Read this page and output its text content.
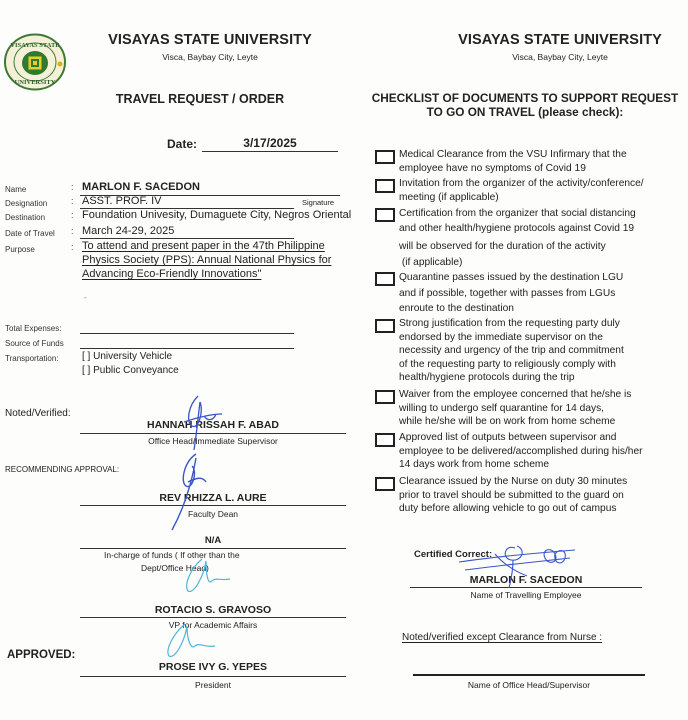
VISAYAS STATE
UNIVERSITY
VISAYAS STATE UNIVERSITY
Visca, Baybay City, Leyte
TRAVEL REQUEST / ORDER
Date:	3/17/2025
Name	: MARLON F. SACEDON
Designation	: ASST. PROF. IV	Signature
Destination	: Foundation Univesity, Dumaguete City, Negros Oriental
Date of Travel : March 24-29, 2025
Purpose	: To attend and present paper in the 47th Philippine
Physics Society (PPS): Annual National Physics for
Advancing Eco-Friendly Innovations"
-
Total Expenses:
Source of Funds
Transportation: [ ] University Vehicle
[ ] Public Conveyance
Noted/Verified:
HANNAH RISSAH F. ABAD
Office Head/Immediate Supervisor
RECOMMENDING APPROVAL:
REV RHIZZA L. AURE
Faculty Dean
N/A
In-charge of funds ( If other than the
Dept/Office Head)
ROTACIO S. GRAVOSO
VP for Academic Affairs
APPROVED:
PROSE IVY G. YEPES
President
VISAYAS STATE UNIVERSITY
Visca, Baybay City, Leyte
CHECKLIST OF DOCUMENTS TO SUPPORT REQUEST
TO GO ON TRAVEL (please check):
Medical Clearance from the VSU Infirmary that the
employee have no symptoms of Covid 19
Invitation from the organizer of the activity/conference/
meeting (if applicable)
Certification from the organizer that social distancing
and other health/hygiene protocols against Covid 19
will be observed for the duration of the activity
(if applicable)
Quarantine passes issued by the destination LGU
and if possible, together with passes from LGUs
enroute to the destination
Strong justification from the requesting party duly
endorsed by the immediate supervisor on the
necessity and urgency of the trip and commitment
of the requesting party to religiously comply with
health/hygiene protocols during the trip
Waiver from the employee concerned that he/she is
willing to undergo self quarantine for 14 days,
while he/she will be on work from home scheme
Approved list of outputs between supervisor and
employee to be delivered/accomplished during his/her
14 days work from home scheme
Clearance issued by the Nurse on duty 30 minutes
prior to travel should be submitted to the guard on
duty before allowing vehicle to go out of campus
Certified Correct:
MARLON F. SACEDON
Name of Travelling Employee
Noted/verified except Clearance from Nurse :
Name of Office Head/Supervisor
